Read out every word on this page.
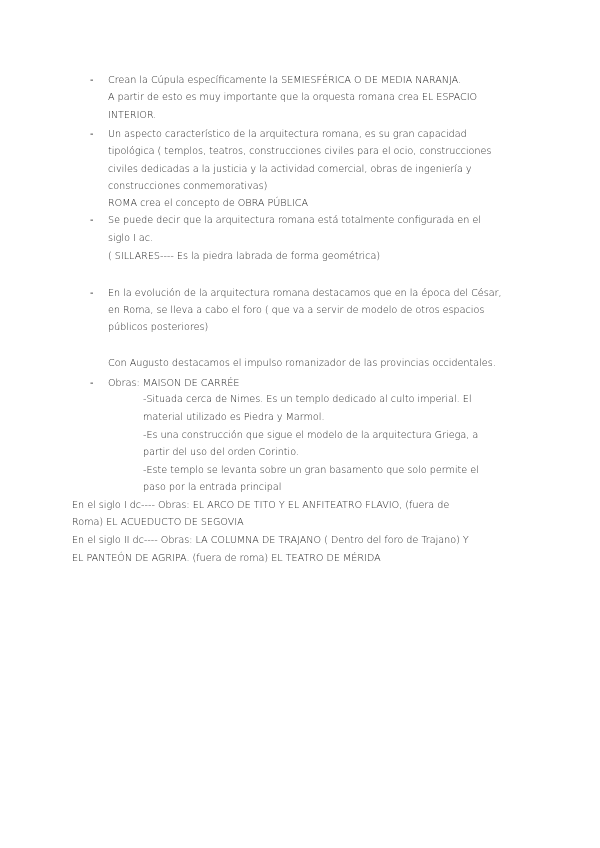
-
-
-
-
-
Crean la Cúpula específicamente la SEMIESFÉRICA O DE MEDIA NARANJA.
A partir de esto es muy importante que la orquesta romana crea EL ESPACIO
INTERIOR.
Un aspecto característico de la arquitectura romana, es su gran capacidad
tipológica ( templos, teatros, construcciones civiles para el ocio, construcciones
civiles dedicadas a la justicia y la actividad comercial, obras de ingeniería y
construcciones conmemorativas)
ROMA crea el concepto de OBRA PÚBLICA
Se puede decir que la arquitectura romana está totalmente configurada en el
siglo I ac.
( SILLARES---- Es la piedra labrada de forma geométrica)
En la evolución de la arquitectura romana destacamos que en la época del César,
en Roma, se lleva a cabo el foro ( que va a servir de modelo de otros espacios
públicos posteriores)
Con Augusto destacamos el impulso romanizador de las provincias occidentales.
Obras: MAISON DE CARRÉE
-Situada cerca de Nimes. Es un templo dedicado al culto imperial. El
material utilizado es Piedra y Marmol.
-Es una construcción que sigue el modelo de la arquitectura Griega, a
partir del uso del orden Corintio.
-Este templo se levanta sobre un gran basamento que solo permite el
paso por la entrada principal
En el siglo I dc---- Obras: EL ARCO DE TITO Y EL ANFITEATRO FLAVIO, (fuera de
Roma) EL ACUEDUCTO DE SEGOVIA
En el siglo II dc---- Obras: LA COLUMNA DE TRAJANO ( Dentro del foro de Trajano) Y
EL PANTEÓN DE AGRIPA. (fuera de roma) EL TEATRO DE MÉRIDA
